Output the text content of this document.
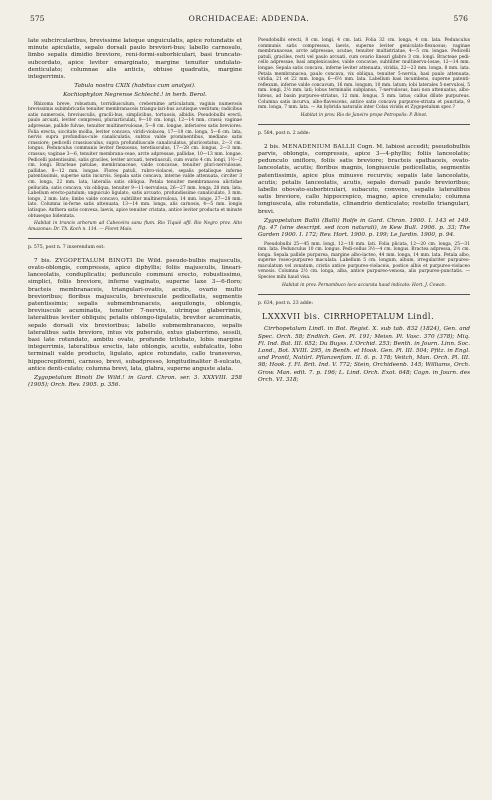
575	ORCHIDACEAE: ADDENDA.	576

late subcircularibus, brevissime lateque unguiculatis, apice rotundatis et minute apiculatis, sepalo dorsali paulo breviori-bus; labello carnosulo, limbo sepalis dimidio breviore, reni-formi-suborbiculari, basi truncato-subcordato, apice leviter emarginato, margine tenuiter undulato-denticulato; columnae alis anticis, obtuse quadratis, margine integerrimis.

Tabula nostra CXIX (habitus cum analysi).

Kochiophyton Negrense Schlecht.! in herb. Berol.

Rhizoma breve, robustum, torridiusculum, crebernime articulatum, vaginis numerosis brevissimis subimbricatis tenuiter membranaceis triangu-lari-bus acutisque vestitum; radicibus satis numerosis, breviusculis, gracili-bus, simplicibus, tortuosis, albidis. Pseudobulbi erecti, paulo arcuati, leviter compressi, pluriarticulati, 9—10 cm. longi, 12—14 mm. crassi; vaginae adpressae, pallide fulvae, tenuiter multinervulosae, 5—8 cm. longae, inferiores satis breviores. Folia erecta, siccitate mollia, leviter concava, viridi-violacea, 17—18 cm. longa, 5—6 cm. lata, nervis supra profundius-cule canaliculatis, subtus valde prominentibus, mediano satis crassiore; pedicelli crassiusculus, supra profundiuscule canaliculatus, pluricostatus, 2—3 cm. longus. Pedunculus communis leviter flexuosus, teretiusculus, 17—28 cm. longus, 2—3 mm. crassus; vaginae 3—6, tenuiter membrana-ceae, arcte adpressae, pallidae, 10—13 mm. longae. Pedicelli patentissimi, satis graciles, leviter arcuati, teretiusculi, cum ovario 4 cm. longi, 1½—2 cm. longi. Bracteae patulae, membranaceae, valde concavae, tenuiter pluri-nervulosae, pallidae, 8—12 mm. longae. Flores patuli, rubro-violacei, sepalis petalisque inferne patentissimis, superne satis incurvis. Sepala satis concava, interne valde attenuata, circiter 3 cm. longa, 22 mm. lata, lateralia satis obliqua. Petala tenuiter membranacea alictidae pellucida, satis concava, vix obliqua, tenuiter 9—11-nervulosa, 26—27 mm. longa, 28 mm. lata. Labellum erecto-patulum; unguiculo ligulato, satis arcuato, profundissime canaliculato, 3 mm. longo, 2 mm. lato; limbo valde concavo, subtiliter multinervulosa, 14 mm. longo, 27—28 mm. lato. Columna in-ferne satis attenuata, 13—14 mm. longa, alis carnosis, 4—5 mm. longis latisque. Anthera satis convexa, laevis, apice tenuiter cristata, antice leviter producta et minute obtusequo bidentata.

Habitat in truncis arborum ad Cabeceira sanu flum. Rio Tiquié affl. Rio Negro prov. Alto Amazonas: Dr. Th. Koch n. 114. — Floret Maio.

p. 575, post n. 7 inserendum est:

7 bis. ZYGOPETALUM BINOTI De Wild. pseudo-bulbis majusculis, ovato-oblongis, compressis, apice diphyllis; foliis majusculis, lineari-lanceolatis, conduplicatis; pedunculo communi erecto, robustissimo, simplici, foliis breviore, inferne vaginato, superne laxe 3—6-floro; bracteis membranaceis, triangulari-ovatis, acutis, ovario multo brevioribus; floribus majusculis, breviuscule pedicellatis, segmentis patentissimis; sepalis submembranaceis, aequilongis, oblongis, breviuscule acuminatis, tenuiter 7-nerviis, utrinque glaberrimis, lateralibus leviter obliquis; petalis oblongo-ligulatis, breviter acuminatis, sepalo dorsali vix brevioribus; labello submembranaceo, sepalis lateralibus satis breviore, intus vix puberulo, extus glaberrimo, sessili, basi late rotundato, ambitu ovato, profunde trilobato, lobis margine integerrimis, lateralibus erectis, late oblongis, acutis, subfalcatis, lobo terminali valde producto, ligulato, apice rotundato, callo transverso, hippocrepiformi, carnoso, brevi, subadpresso, longitudinaliter 8-sulcato, antice denti-culato; columna brevi, lata, glabra, superne anguste alata.

Zygopetalum Binoti De Wild.! in Gard. Chron. ser. 3. XXXVIII. 258 (1905); Orch. Rev. 1905. p. 356.

Pseudobulbi erecti, 8 cm. longi, 4 cm. lati. Folia 32 cm. longa, 4 cm. lata. Pedunculus communis satis compressus, laevis, superne leviter geniculato-flexuosus; vaginae membranaceae, arcte adpressae, acutae, tenuiter multistriatae, 4—5 cm. longae. Pedicelli patuli, graciles, recti vel paulo arcuati, cum ovario lineari glabro 3 cm. longi. Bracteae pedi-cello adpressae, basi amplexicaules, valde concavae, subtiliter multinervu-losae, 12—14 mm. longae. Sepala satis concava, inferne leviter attenuata, viridia, 22—23 mm. longa, 8 mm. lata. Petala membranacea, paulo concava, vix obliqua, tenuiter 5-nervia, basi paulo attenuata, viridia, 21 et 22 mm. longa, 6—6½ mm. lata. Labellum basi incumbens, superne patenti-reflexum, inferne valde concavum, 16 mm. longum, 10 mm. latum; lobi laterales 5-nervulosi, 5 mm. longi, 2½ mm. lati; lobus terminalis subplanus, 7-nervulosus, basi non attenuatus, albo-luteus, ad basin purpureo-striatus, 12 mm. longus, 5 mm. latus; callus dilute purpureus. Columna satis incurva, albo-flavescens, antice satis concava purpureo-striata et punctata, 9 mm. longa, 7 mm. lata. — An hybrida naturalis inter Colax viridis et Zygopetalum spec.?

Habitat in prov. Rio de Janeiro prope Petropolis: P. Binot.

p. 584, post n. 2 adde:

2 bis. MENADENIUM BALLII Cogn. M. labiosi accedit; pseudobulbis parvis, oblongis, compressis, apice 3—4-phyllis; foliis lanceolatis; pedunculo unifloro, foliis satis breviore; bracteis spathaceis, ovato-lanceolatis, acutis; floribus magnis, longiuscule pedicellatis, segmentis patentissimis, apice plus minusve recurvis; sepalis late lanceolatis, acutis; petalis lanceolatis, acutis, sepalo dorsali paulo brevioribus; labello obovato-suborbiculari, subacuto, convexo, sepalis lateralibus satis breviore, callo hippocrepico, magno, apice crenulato; columna longiuscula, alis rotundatis, clinandrio denticulato; rostello triangulari, brevi.

Zygopetalum Ballii (Balli) Rolfe in Gard. Chron. 1900. I. 143 et 149. fig. 47 (sine descript. sed icon naturali), in Kew Bull. 1906. p. 33; The Garden 1900. I. 172; Rev. Hort. 1900. p. 199; Le Jardin. 1900, p. 94.

Pseudobulbi 25—45 mm. longi, 12—18 mm. lati. Folia plicata, 12—20 cm. longa, 25—31 mm. lata. Pedunculus 10 cm. longus. Pedi-cellus 3½—4 cm. longus. Bractea adpressa, 2½ cm. longa. Sepala pallide purpurea, margine albo-lacteo, 44 mm. longa, 14 mm. lata. Petala albo, superne roseo-purpureo maculata. Labellum 5 cm. longum, album, irregulariter purpureo-maculatum vel zonatum, cristis antice purpureo-violaceis, postice albis et purpureo-violaceo venosis. Columna 2½ cm. longa, alba, antice purpureo-venosa, alis purpureo-punctatis. — Species mihi haud visa.

Habitat in prov. Pernambuco loco accurata haud indicato: Hort. J. Cowan.

p. 634, post n. 23 adde:

LXXXVII bis. CIRRHOPETALUM Lindl.

Cirrhopetalum Lindl. in Bot. Regist. X. sub tab. 832 (1824), Gen. and Spec. Orch. 58; Endlich. Gen. Pl. 191; Meisn. Pl. Vasc. 370 (378); Miq. Fl. Ind. Bat. III. 652; Du Buyss. L'Orchid. 253; Benth. in Journ. Linn. Soc. Lond., Bot. XVIII. 295, in Benth. et Hook. Gen. Pl. III. 504; Pfitz. in Engl. und Prantl, Natürl. Pflanzenfam. II. 6. p. 178; Veitch, Man. Orch. Pl. III. 98; Hook. f. Fl. Brit. Ind. V. 772; Stein, Orchideenb. 145; Williams, Orch. Grow. Man. edit. 7. p. 196; L. Lind. Orch. Exot. 648; Cogn. in Journ. des Orch. VI. 318;
